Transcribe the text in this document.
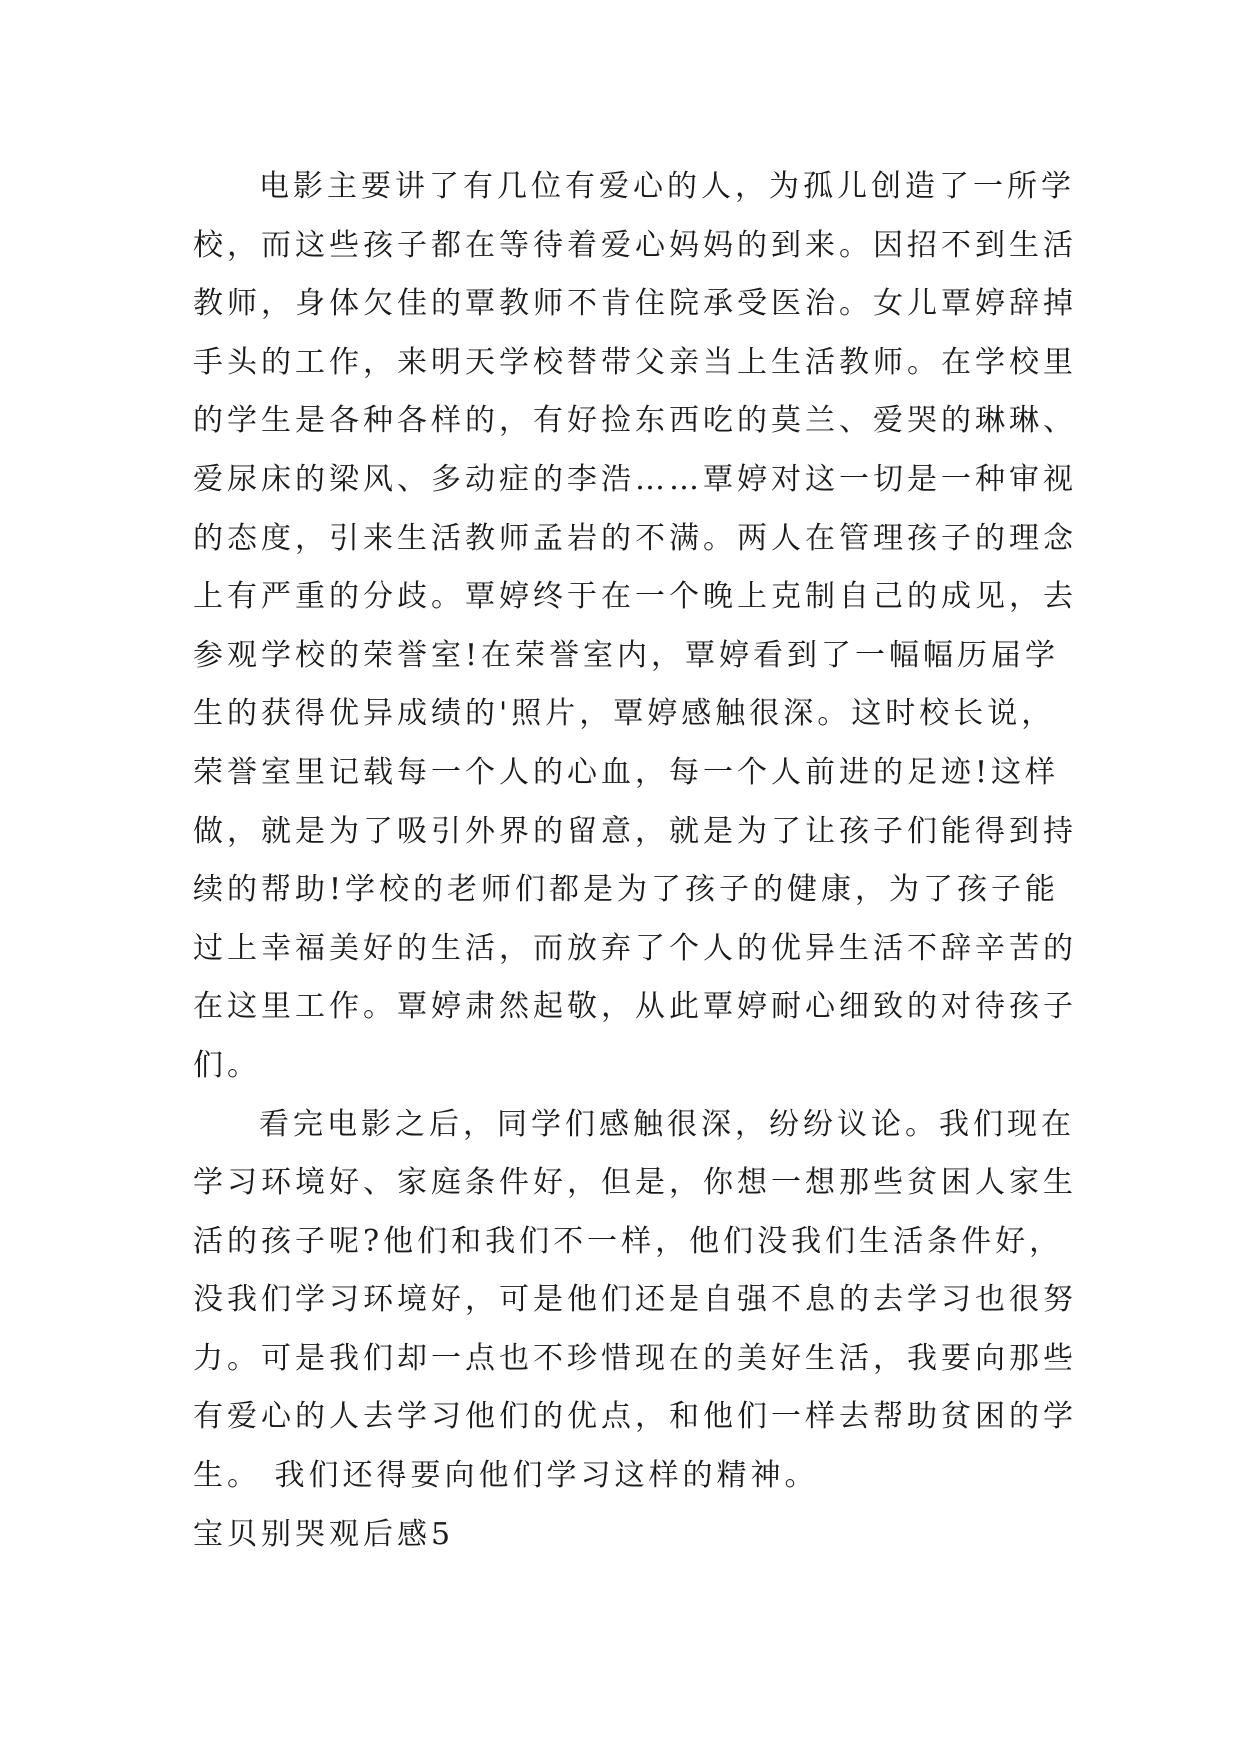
电影主要讲了有几位有爱心的人，为孤儿创造了一所学
校，而这些孩子都在等待着爱心妈妈的到来。因招不到生活
教师，身体欠佳的覃教师不肯住院承受医治。女儿覃婷辞掉
手头的工作，来明天学校替带父亲当上生活教师。在学校里
的学生是各种各样的，有好捡东西吃的莫兰、爱哭的琳琳、
爱尿床的梁风、多动症的李浩……覃婷对这一切是一种审视
的态度，引来生活教师孟岩的不满。两人在管理孩子的理念
上有严重的分歧。覃婷终于在一个晚上克制自己的成见，去
参观学校的荣誉室!在荣誉室内，覃婷看到了一幅幅历届学
生的获得优异成绩的'照片，覃婷感触很深。这时校长说，
荣誉室里记载每一个人的心血，每一个人前进的足迹!这样
做，就是为了吸引外界的留意，就是为了让孩子们能得到持
续的帮助!学校的老师们都是为了孩子的健康，为了孩子能
过上幸福美好的生活，而放弃了个人的优异生活不辞辛苦的
在这里工作。覃婷肃然起敬，从此覃婷耐心细致的对待孩子
们。
看完电影之后，同学们感触很深，纷纷议论。我们现在
学习环境好、家庭条件好，但是，你想一想那些贫困人家生
活的孩子呢?他们和我们不一样，他们没我们生活条件好，
没我们学习环境好，可是他们还是自强不息的去学习也很努
力。可是我们却一点也不珍惜现在的美好生活，我要向那些
有爱心的人去学习他们的优点，和他们一样去帮助贫困的学
生。 我们还得要向他们学习这样的精神。
宝贝别哭观后感5
